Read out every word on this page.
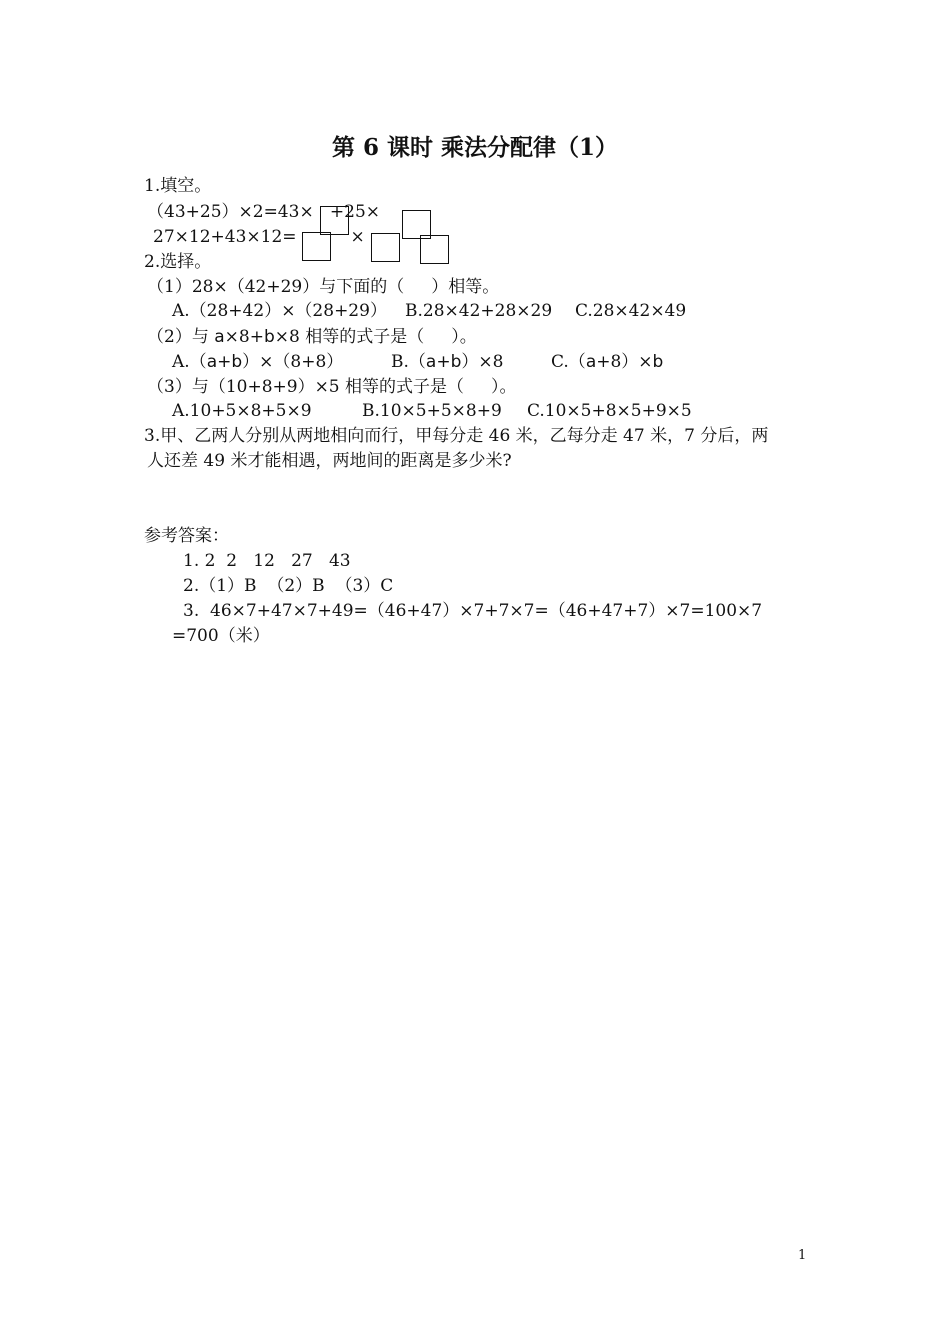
第 6 课时 乘法分配律（1）
1.填空。
（43+25）×2=43×   +25×
27×12+43×12=          ×
2.选择。
（1）28×（42+29）与下面的（     ）相等。
A.（28+42）×（28+29） B.28×42+28×29 C.28×42×49
（2）与 a×8+b×8 相等的式子是（     ）。
A.（a+b）×（8+8）	B.（a+b）×8	C.（a+8）×b
（3）与（10+8+9）×5 相等的式子是（     ）。
A.10+5×8+5×9	B.10×5+5×8+9 C.10×5+8×5+9×5
3.甲、乙两人分别从两地相向而行，甲每分走 46 米，乙每分走 47 米，7 分后，两
人还差 49 米才能相遇，两地间的距离是多少米?
参考答案：
1. 2  2   12   27   43
2.（1）B  （2）B  （3）C
3.  46×7+47×7+49=（46+47）×7+7×7=（46+47+7）×7=100×7
=700（米）
1
